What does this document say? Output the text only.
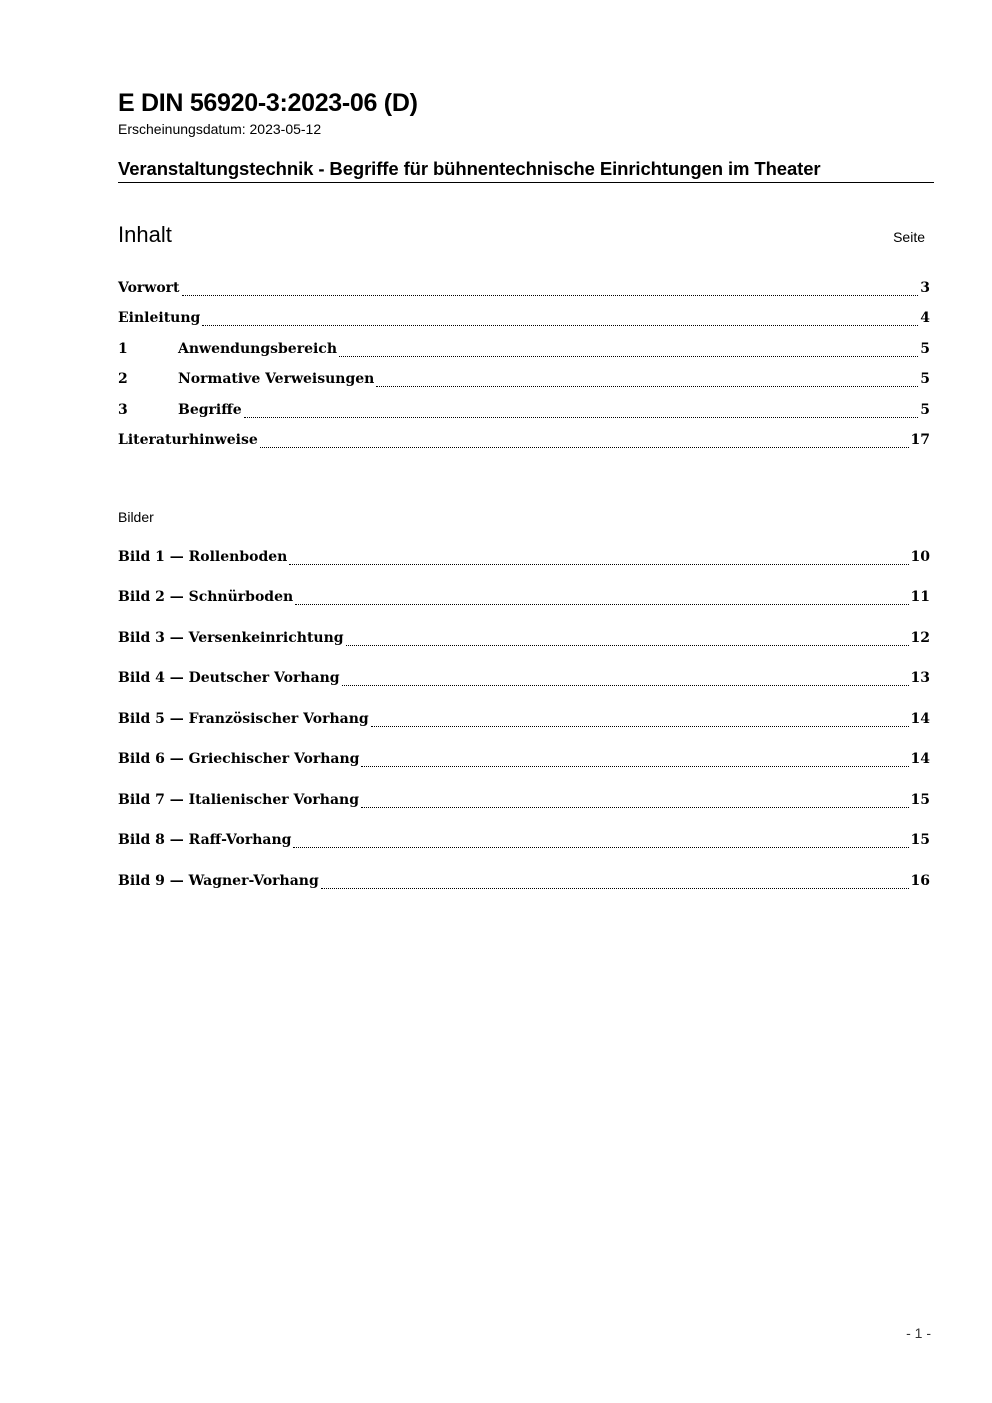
E DIN 56920-3:2023-06 (D)
Erscheinungsdatum: 2023-05-12
Veranstaltungstechnik - Begriffe für bühnentechnische Einrichtungen im Theater
Inhalt	Seite
Vorwort	3
Einleitung	4
1	Anwendungsbereich	5
2	Normative Verweisungen	5
3	Begriffe	5
Literaturhinweise	17
Bilder
Bild 1 — Rollenboden	10
Bild 2 — Schnürboden	11
Bild 3 — Versenkeinrichtung	12
Bild 4 — Deutscher Vorhang	13
Bild 5 — Französischer Vorhang	14
Bild 6 — Griechischer Vorhang	14
Bild 7 — Italienischer Vorhang	15
Bild 8 — Raff-Vorhang	15
Bild 9 — Wagner-Vorhang	16
- 1 -
